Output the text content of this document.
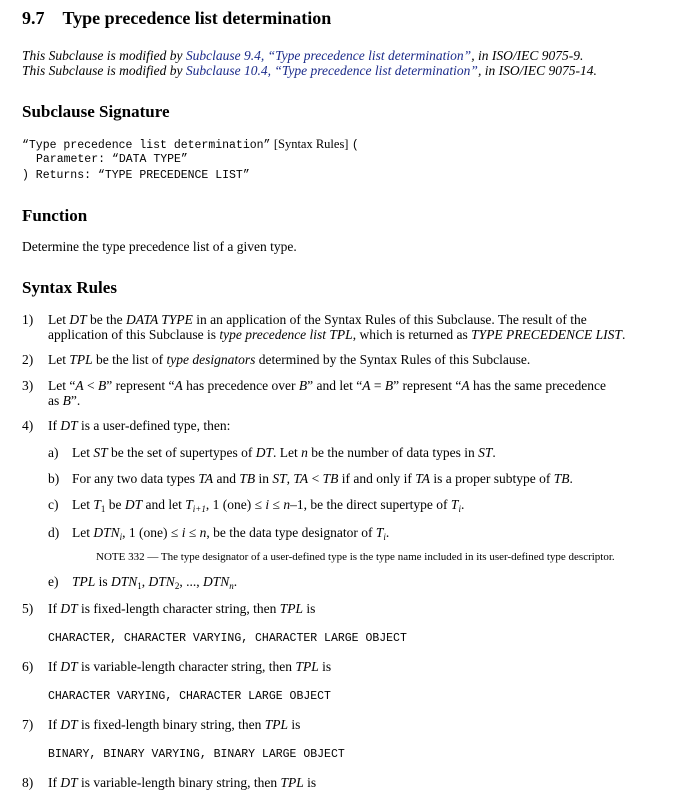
9.7 Type precedence list determination
This Subclause is modified by Subclause 9.4, “Type precedence list determination”, in ISO/IEC 9075-9.
This Subclause is modified by Subclause 10.4, “Type precedence list determination”, in ISO/IEC 9075-14.
Subclause Signature
“Type precedence list determination” [Syntax Rules] (
Parameter: “DATA TYPE”
) Returns: “TYPE PRECEDENCE LIST”
Function
Determine the type precedence list of a given type.
Syntax Rules
1) Let DT be the DATA TYPE in an application of the Syntax Rules of this Subclause. The result of the
application of this Subclause is type precedence list TPL, which is returned as TYPE PRECEDENCE LIST.
2) Let TPL be the list of type designators determined by the Syntax Rules of this Subclause.
3) Let “A < B” represent “A has precedence over B” and let “A = B” represent “A has the same precedence
as B”.
4) If DT is a user-defined type, then:
a) Let ST be the set of supertypes of DT. Let n be the number of data types in ST.
b) For any two data types TA and TB in ST, TA < TB if and only if TA is a proper subtype of TB.
c) Let $T_1$ be DT and let $T_{i+1}$, 1 (one) ≤ i ≤ n–1, be the direct supertype of $T_i$.
d) Let $DTN_i$, 1 (one) ≤ i ≤ n, be the data type designator of $T_i$.
NOTE 332 — The type designator of a user-defined type is the type name included in its user-defined type descriptor.
e) TPL is $DTN_1$, $DTN_2$, ..., $DTN_n$.
5) If DT is fixed-length character string, then TPL is
CHARACTER, CHARACTER VARYING, CHARACTER LARGE OBJECT
6) If DT is variable-length character string, then TPL is
CHARACTER VARYING, CHARACTER LARGE OBJECT
7) If DT is fixed-length binary string, then TPL is
BINARY, BINARY VARYING, BINARY LARGE OBJECT
8) If DT is variable-length binary string, then TPL is
